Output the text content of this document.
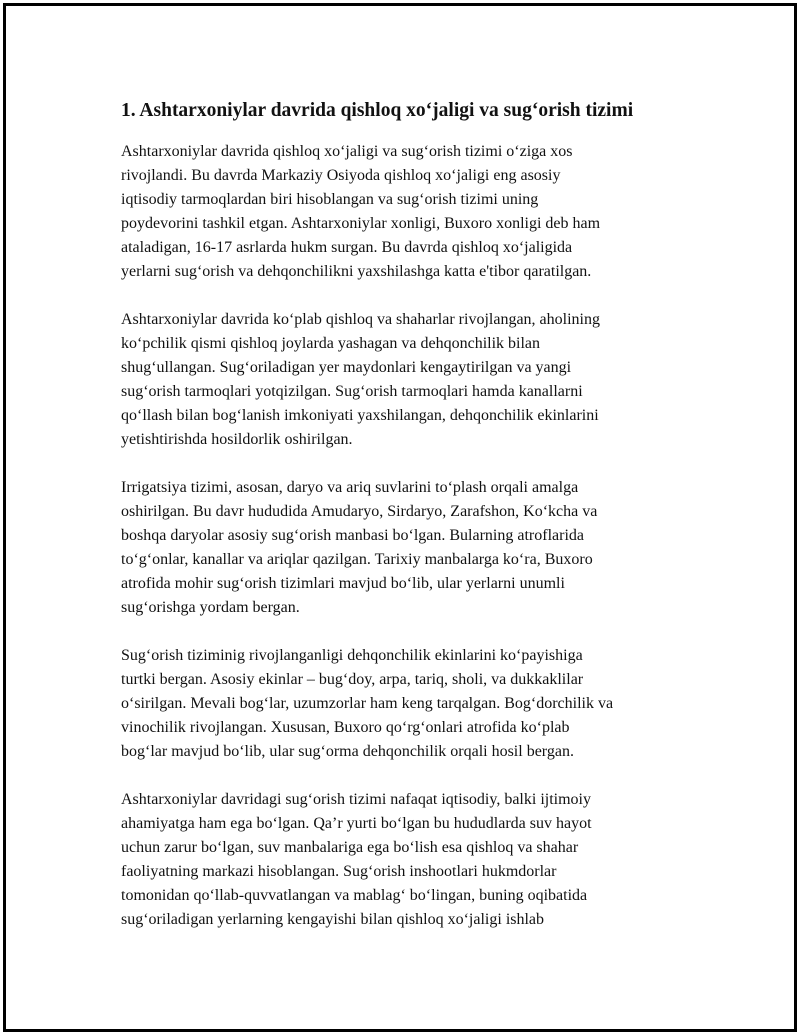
1. Ashtarxoniylar davrida qishloq xo‘jaligi va sug‘orish tizimi

Ashtarxoniylar davrida qishloq xo‘jaligi va sug‘orish tizimi o‘ziga xos
rivojlandi. Bu davrda Markaziy Osiyoda qishloq xo‘jaligi eng asosiy
iqtisodiy tarmoqlardan biri hisoblangan va sug‘orish tizimi uning
poydevorini tashkil etgan. Ashtarxoniylar xonligi, Buxoro xonligi deb ham
ataladigan, 16-17 asrlarda hukm surgan. Bu davrda qishloq xo‘jaligida
yerlarni sug‘orish va dehqonchilikni yaxshilashga katta e'tibor qaratilgan.

Ashtarxoniylar davrida ko‘plab qishloq va shaharlar rivojlangan, aholining
ko‘pchilik qismi qishloq joylarda yashagan va dehqonchilik bilan
shug‘ullangan. Sug‘oriladigan yer maydonlari kengaytirilgan va yangi
sug‘orish tarmoqlari yotqizilgan. Sug‘orish tarmoqlari hamda kanallarni
qo‘llash bilan bog‘lanish imkoniyati yaxshilangan, dehqonchilik ekinlarini
yetishtirishda hosildorlik oshirilgan.

Irrigatsiya tizimi, asosan, daryo va ariq suvlarini to‘plash orqali amalga
oshirilgan. Bu davr hududida Amudaryo, Sirdaryo, Zarafshon, Ko‘kcha va
boshqa daryolar asosiy sug‘orish manbasi bo‘lgan. Bularning atroflarida
to‘g‘onlar, kanallar va ariqlar qazilgan. Tarixiy manbalarga ko‘ra, Buxoro
atrofida mohir sug‘orish tizimlari mavjud bo‘lib, ular yerlarni unumli
sug‘orishga yordam bergan.

Sug‘orish tiziminig rivojlanganligi dehqonchilik ekinlarini ko‘payishiga
turtki bergan. Asosiy ekinlar – bug‘doy, arpa, tariq, sholi, va dukkaklilar
o‘sirilgan. Mevali bog‘lar, uzumzorlar ham keng tarqalgan. Bog‘dorchilik va
vinochilik rivojlangan. Xususan, Buxoro qo‘rg‘onlari atrofida ko‘plab
bog‘lar mavjud bo‘lib, ular sug‘orma dehqonchilik orqali hosil bergan.

Ashtarxoniylar davridagi sug‘orish tizimi nafaqat iqtisodiy, balki ijtimoiy
ahamiyatga ham ega bo‘lgan. Qa’r yurti bo‘lgan bu hududlarda suv hayot
uchun zarur bo‘lgan, suv manbalariga ega bo‘lish esa qishloq va shahar
faoliyatning markazi hisoblangan. Sug‘orish inshootlari hukmdorlar
tomonidan qo‘llab-quvvatlangan va mablag‘ bo‘lingan, buning oqibatida
sug‘oriladigan yerlarning kengayishi bilan qishloq xo‘jaligi ishlab
